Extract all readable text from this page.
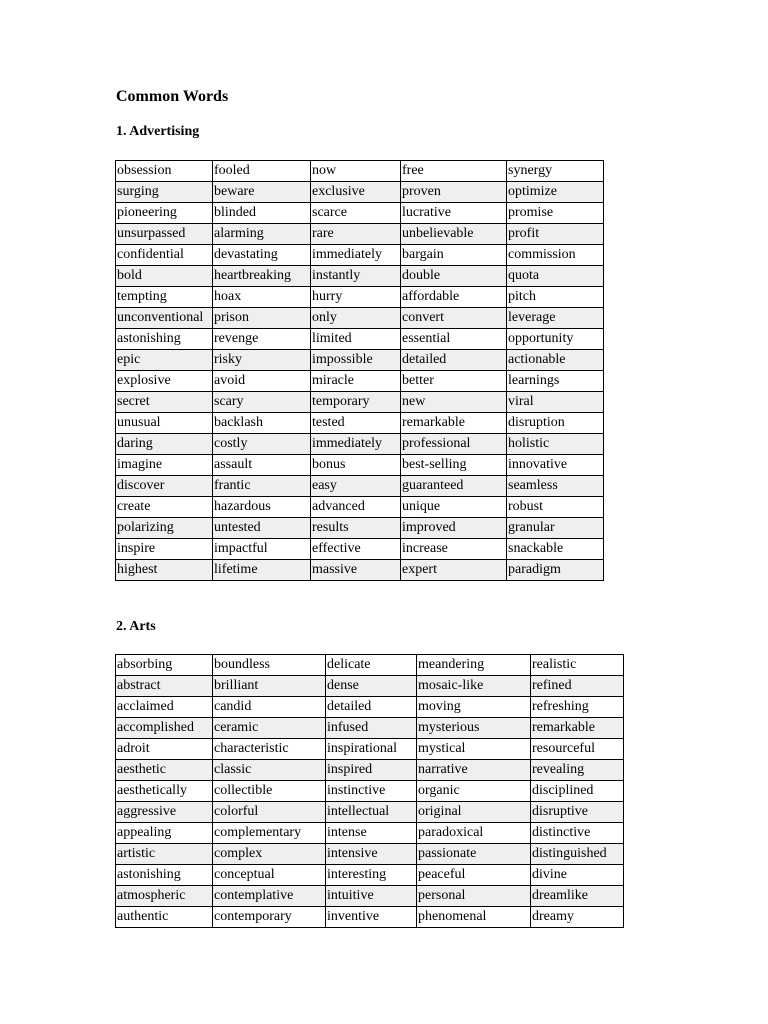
Common Words
1. Advertising
obsession	fooled	now	free	synergy
surging	beware	exclusive	proven	optimize
pioneering	blinded	scarce	lucrative	promise
unsurpassed	alarming	rare	unbelievable	profit
confidential	devastating	immediately	bargain	commission
bold	heartbreaking	instantly	double	quota
tempting	hoax	hurry	affordable	pitch
unconventional	prison	only	convert	leverage
astonishing	revenge	limited	essential	opportunity
epic	risky	impossible	detailed	actionable
explosive	avoid	miracle	better	learnings
secret	scary	temporary	new	viral
unusual	backlash	tested	remarkable	disruption
daring	costly	immediately	professional	holistic
imagine	assault	bonus	best-selling	innovative
discover	frantic	easy	guaranteed	seamless
create	hazardous	advanced	unique	robust
polarizing	untested	results	improved	granular
inspire	impactful	effective	increase	snackable
highest	lifetime	massive	expert	paradigm
2. Arts
absorbing	boundless	delicate	meandering	realistic
abstract	brilliant	dense	mosaic-like	refined
acclaimed	candid	detailed	moving	refreshing
accomplished	ceramic	infused	mysterious	remarkable
adroit	characteristic	inspirational	mystical	resourceful
aesthetic	classic	inspired	narrative	revealing
aesthetically	collectible	instinctive	organic	disciplined
aggressive	colorful	intellectual	original	disruptive
appealing	complementary	intense	paradoxical	distinctive
artistic	complex	intensive	passionate	distinguished
astonishing	conceptual	interesting	peaceful	divine
atmospheric	contemplative	intuitive	personal	dreamlike
authentic	contemporary	inventive	phenomenal	dreamy
